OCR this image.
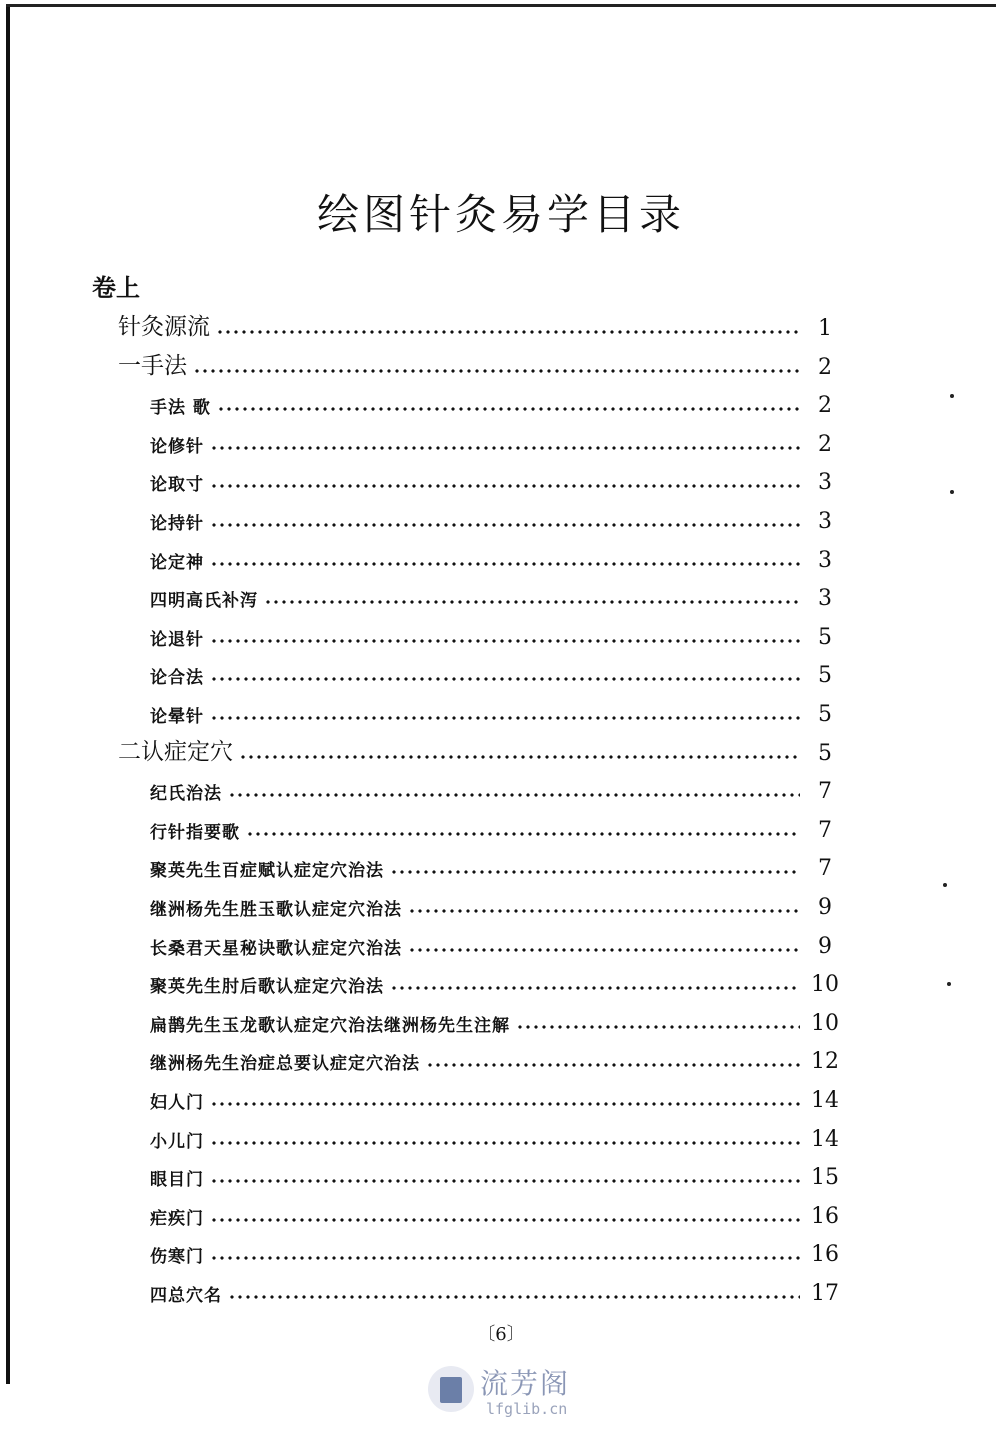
绘图针灸易学目录
卷上
针灸源流	1
一手法	2
手法 歌	2
论修针	2
论取寸	3
论持针	3
论定神	3
四明高氏补泻	3
论退针	5
论合法	5
论晕针	5
二认症定穴	5
纪氏治法	7
行针指要歌	7
聚英先生百症赋认症定穴治法	7
继洲杨先生胜玉歌认症定穴治法	9
长桑君天星秘诀歌认症定穴治法	9
聚英先生肘后歌认症定穴治法	10
扁鹊先生玉龙歌认症定穴治法继洲杨先生注解	10
继洲杨先生治症总要认症定穴治法	12
妇人门	14
小儿门	14
眼目门	15
疟疾门	16
伤寒门	16
四总穴名	17
〔6〕
流芳阁
lfglib.cn
